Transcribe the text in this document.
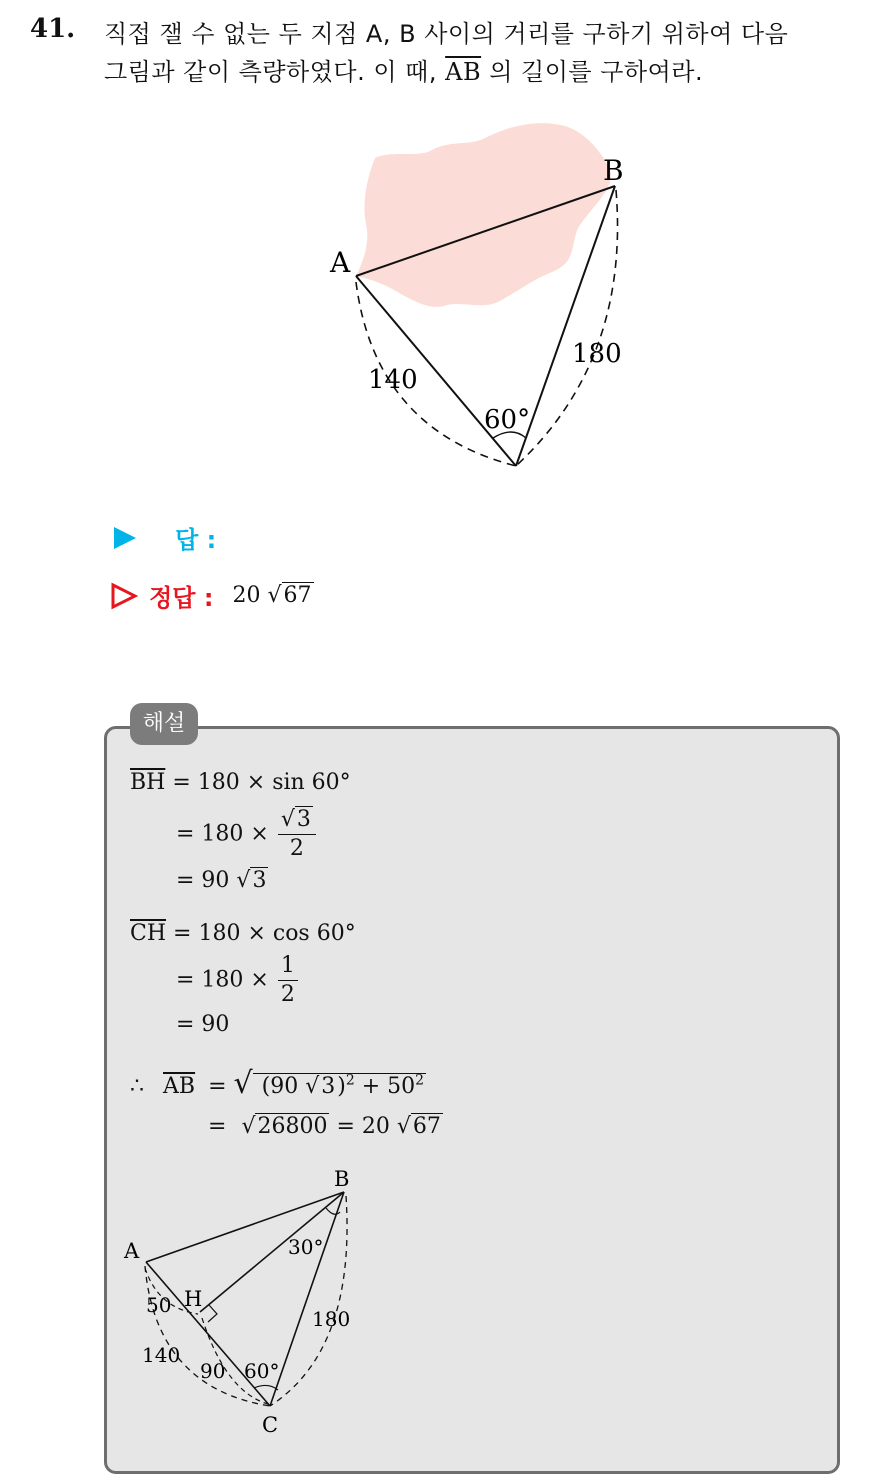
41. 직접 잴 수 없는 두 지점 A, B 사이의 거리를 구하기 위하여 다음
그림과 같이 측량하였다. 이 때, $\overline{AB}$ 의 길이를 구하여라.
A
B
140
180
60°
답 :
정답 : 20 √67
해설
$\overline{BH} = 180 \times \sin 60^\circ$
= $180 \times \frac{√3}{2}$
= 90 √3
$\overline{CH} = 180 \times \cos 60^\circ$
= $180 \times \frac{1}{2}$
= 90
∴ $\overline{AB}$ = √ (90 $√3)^2 + 50^2$
= √26800 = 20 √67
A
B
C
H
50
140
90
180
30°
60°
